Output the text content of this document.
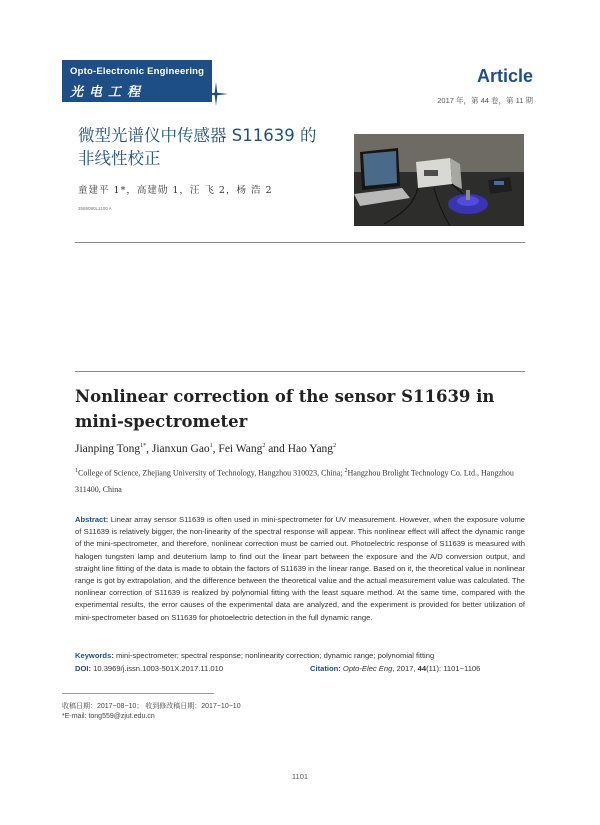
Opto-Electronic Engineering
光电工程
Article
2017 年，第 44 卷，第 11 期
微型光谱仪中传感器 S11639 的
非线性校正
童建平 1*，高建勋 1，汪 飞 2，杨 浩 2
3569090L1100 A
Nonlinear correction of the sensor S11639 in
mini-spectrometer
Jianping Tong$^{1*}$, Jianxun Gao$^1$, Fei Wang$^2$ and Hao Yang$^2$
$^1$College of Science, Zhejiang University of Technology, Hangzhou 310023, China; $^2$Hangzhou Brolight Technology Co. Ltd., Hangzhou 311400, China
Abstract: Linear array sensor S11639 is often used in mini-spectrometer for UV measurement. However, when the exposure volume of S11639 is relatively bigger, the non-linearity of the spectral response will appear. This nonlinear effect will affect the dynamic range of the mini-spectrometer, and therefore, nonlinear correction must be carried out. Photoelectric response of S11639 is measured with halogen tungsten lamp and deuterium lamp to find out the linear part between the exposure and the A/D conversion output, and straight line fitting of the data is made to obtain the factors of S11639 in the linear range. Based on it, the theoretical value in nonlinear range is got by extrapolation, and the difference between the theoretical value and the actual measurement value was calculated. The nonlinear correction of S11639 is realized by polynomial fitting with the least square method. At the same time, compared with the experimental results, the error causes of the experimental data are analyzed, and the experiment is provided for better utilization of mini-spectrometer based on S11639 for photoelectric detection in the full dynamic range.
Keywords: mini-spectrometer; spectral response; nonlinearity correction; dynamic range; polynomial fitting
DOI: 10.3969/j.issn.1003-501X.2017.11.010	Citation: Opto-Elec Eng, 2017, 44(11): 1101−1106
收稿日期：2017−08−10； 收到修改稿日期：2017−10−10
*E-mail: tong559@zjut.edu.cn
1101
